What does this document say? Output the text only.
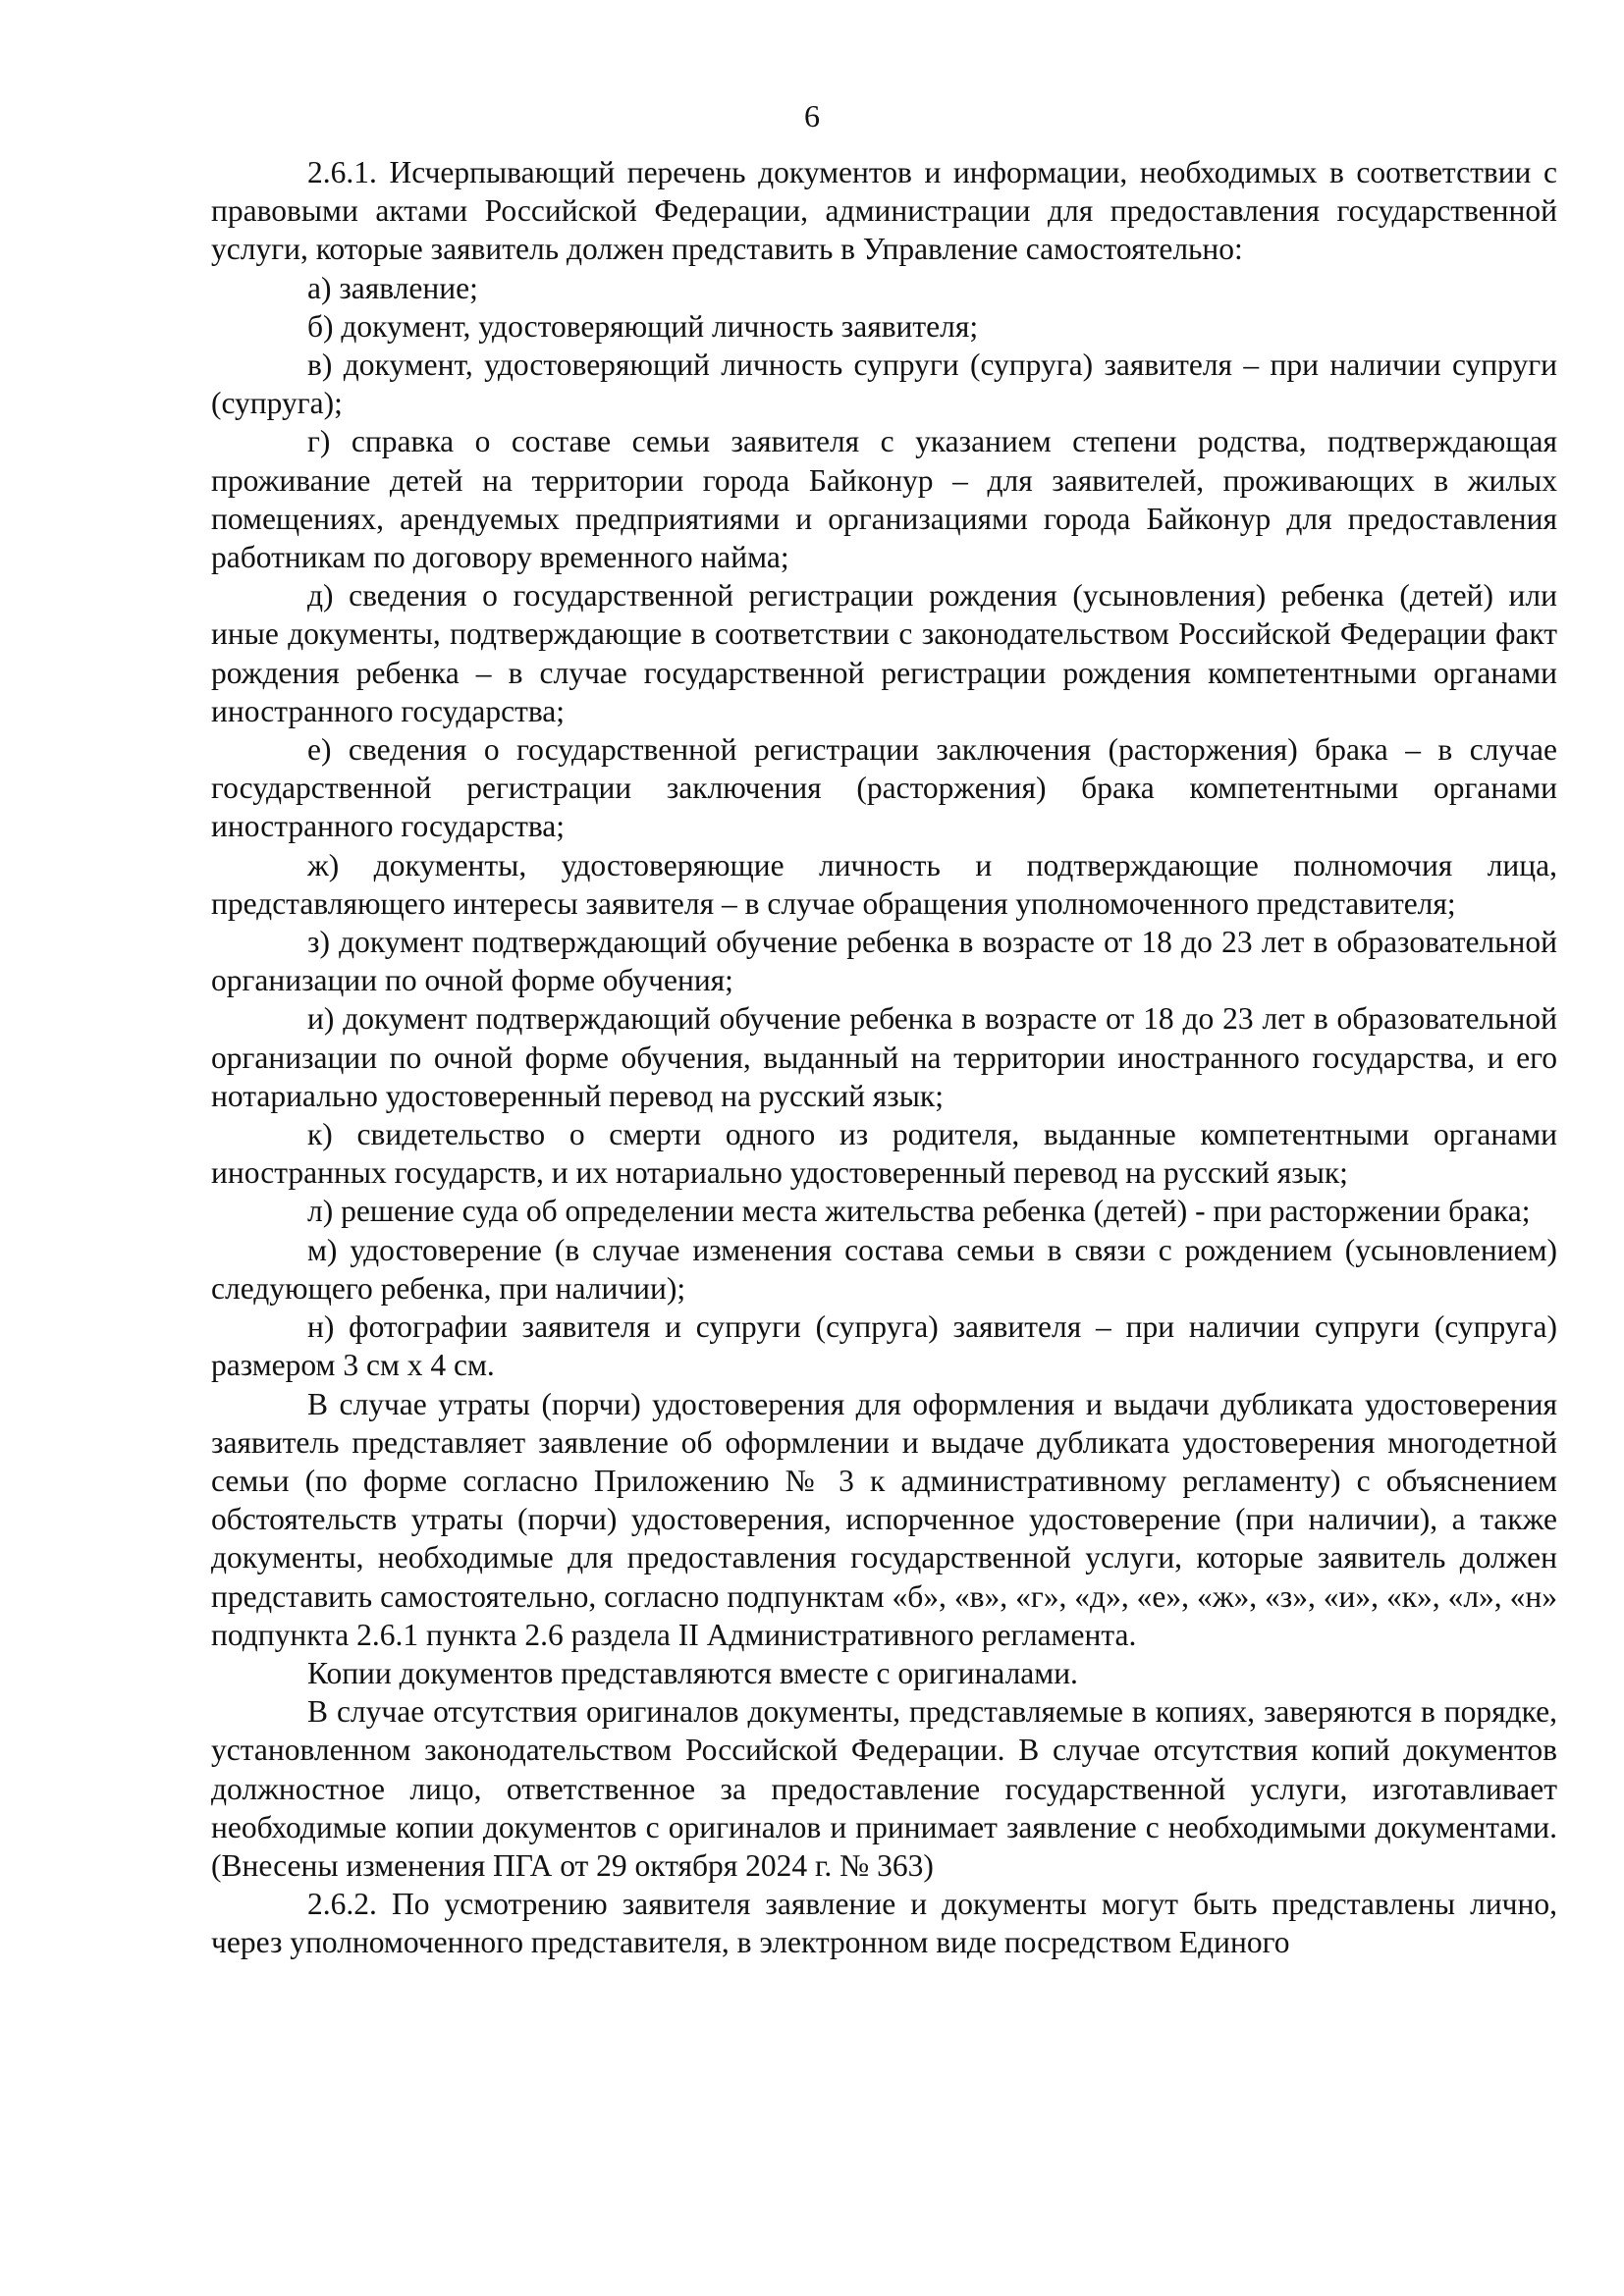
6

2.6.1. Исчерпывающий перечень документов и информации, необходимых в соответствии с правовыми актами Российской Федерации, администрации для предоставления государственной услуги, которые заявитель должен представить в Управление самостоятельно:

а) заявление;

б) документ, удостоверяющий личность заявителя;

в) документ, удостоверяющий личность супруги (супруга) заявителя – при наличии супруги (супруга);

г) справка о составе семьи заявителя с указанием степени родства, подтверждающая проживание детей на территории города Байконур – для заявителей, проживающих в жилых помещениях, арендуемых предприятиями и организациями города Байконур для предоставления работникам по договору временного найма;

д) сведения о государственной регистрации рождения (усыновления) ребенка (детей) или иные документы, подтверждающие в соответствии с законодательством Российской Федерации факт рождения ребенка – в случае государственной регистрации рождения компетентными органами иностранного государства;

е) сведения о государственной регистрации заключения (расторжения) брака – в случае государственной регистрации заключения (расторжения) брака компетентными органами иностранного государства;

ж) документы, удостоверяющие личность и подтверждающие полномочия лица, представляющего интересы заявителя – в случае обращения уполномоченного представителя;

з) документ подтверждающий обучение ребенка в возрасте от 18 до 23 лет в образовательной организации по очной форме обучения;

и) документ подтверждающий обучение ребенка в возрасте от 18 до 23 лет в образовательной организации по очной форме обучения, выданный на территории иностранного государства, и его нотариально удостоверенный перевод на русский язык;

к) свидетельство о смерти одного из родителя, выданные компетентными органами иностранных государств, и их нотариально удостоверенный перевод на русский язык;

л) решение суда об определении места жительства ребенка (детей) - при расторжении брака;

м) удостоверение (в случае изменения состава семьи в связи с рождением (усыновлением) следующего ребенка, при наличии);

н) фотографии заявителя и супруги (супруга) заявителя – при наличии супруги (супруга) размером 3 см х 4 см.

В случае утраты (порчи) удостоверения для оформления и выдачи дубликата удостоверения заявитель представляет заявление об оформлении и выдаче дубликата удостоверения многодетной семьи (по форме согласно Приложению № 3 к административному регламенту) с объяснением обстоятельств утраты (порчи) удостоверения, испорченное удостоверение (при наличии), а также документы, необходимые для предоставления государственной услуги, которые заявитель должен представить самостоятельно, согласно подпунктам «б», «в», «г», «д», «е», «ж», «з», «и», «к», «л», «н» подпункта 2.6.1 пункта 2.6 раздела II Административного регламента.

Копии документов представляются вместе с оригиналами.

В случае отсутствия оригиналов документы, представляемые в копиях, заверяются в порядке, установленном законодательством Российской Федерации. В случае отсутствия копий документов должностное лицо, ответственное за предоставление государственной услуги, изготавливает необходимые копии документов с оригиналов и принимает заявление с необходимыми документами. (Внесены изменения ПГА от 29 октября 2024 г. № 363)

2.6.2. По усмотрению заявителя заявление и документы могут быть представлены лично, через уполномоченного представителя, в электронном виде посредством Единого
